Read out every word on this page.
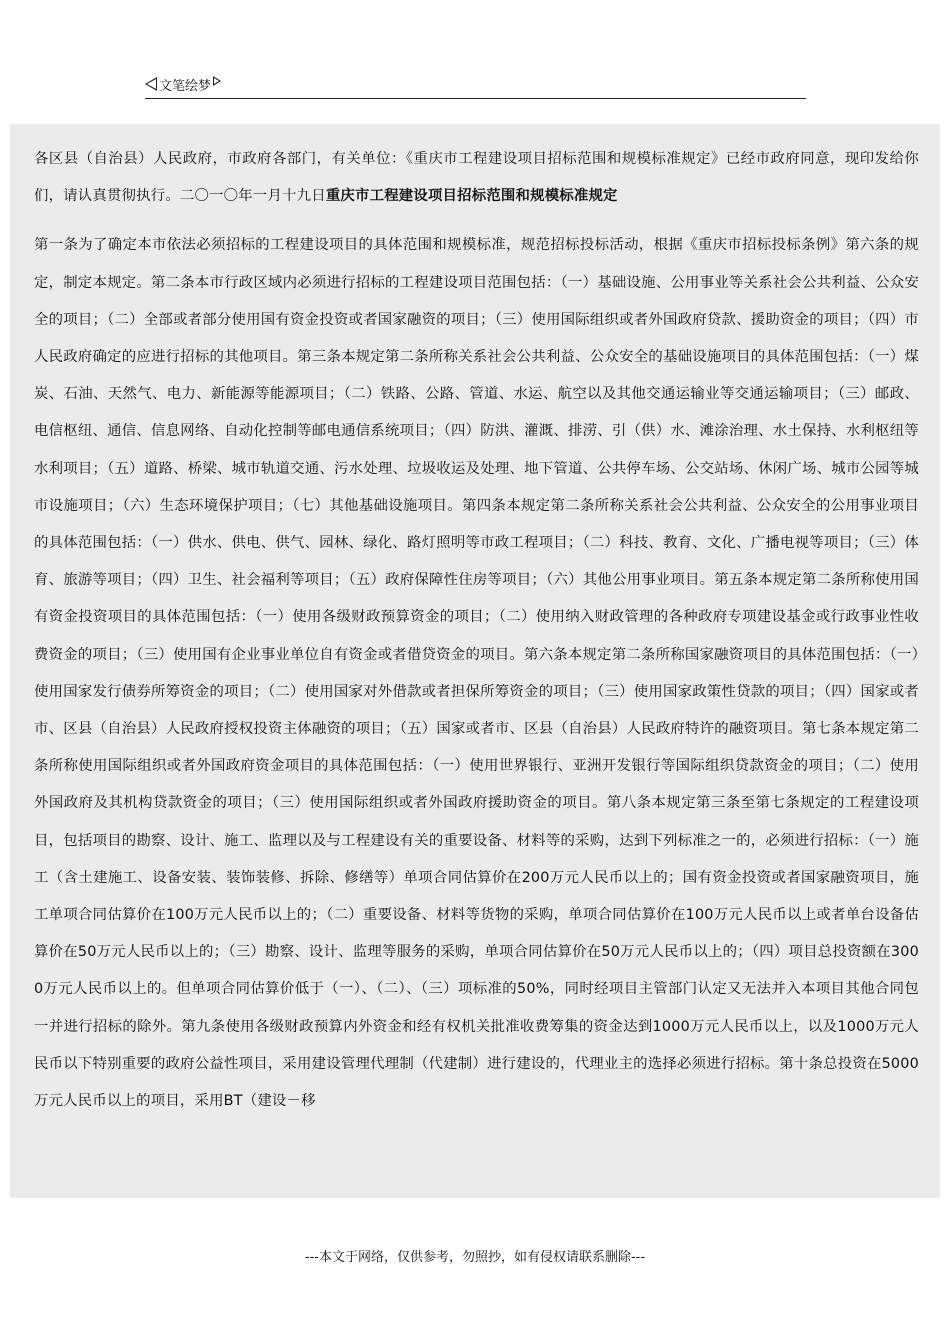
文笔绘梦

各区县（自治县）人民政府，市政府各部门，有关单位：《重庆市工程建设项目招标范围和规模标准规定》已经市政府同意，现印发给你们，请认真贯彻执行。二〇一〇年一月十九日重庆市工程建设项目招标范围和规模标准规定

第一条为了确定本市依法必须招标的工程建设项目的具体范围和规模标准，规范招标投标活动，根据《重庆市招标投标条例》第六条的规定，制定本规定。第二条本市行政区域内必须进行招标的工程建设项目范围包括：（一）基础设施、公用事业等关系社会公共利益、公众安全的项目；（二）全部或者部分使用国有资金投资或者国家融资的项目；（三）使用国际组织或者外国政府贷款、援助资金的项目；（四）市人民政府确定的应进行招标的其他项目。第三条本规定第二条所称关系社会公共利益、公众安全的基础设施项目的具体范围包括：（一）煤炭、石油、天然气、电力、新能源等能源项目；（二）铁路、公路、管道、水运、航空以及其他交通运输业等交通运输项目；（三）邮政、电信枢纽、通信、信息网络、自动化控制等邮电通信系统项目；（四）防洪、灌溉、排涝、引（供）水、滩涂治理、水土保持、水利枢纽等水利项目；（五）道路、桥梁、城市轨道交通、污水处理、垃圾收运及处理、地下管道、公共停车场、公交站场、休闲广场、城市公园等城市设施项目；（六）生态环境保护项目；（七）其他基础设施项目。第四条本规定第二条所称关系社会公共利益、公众安全的公用事业项目的具体范围包括：（一）供水、供电、供气、园林、绿化、路灯照明等市政工程项目；（二）科技、教育、文化、广播电视等项目；（三）体育、旅游等项目；（四）卫生、社会福利等项目；（五）政府保障性住房等项目；（六）其他公用事业项目。第五条本规定第二条所称使用国有资金投资项目的具体范围包括：（一）使用各级财政预算资金的项目；（二）使用纳入财政管理的各种政府专项建设基金或行政事业性收费资金的项目；（三）使用国有企业事业单位自有资金或者借贷资金的项目。第六条本规定第二条所称国家融资项目的具体范围包括：（一）使用国家发行债券所筹资金的项目；（二）使用国家对外借款或者担保所筹资金的项目；（三）使用国家政策性贷款的项目；（四）国家或者市、区县（自治县）人民政府授权投资主体融资的项目；（五）国家或者市、区县（自治县）人民政府特许的融资项目。第七条本规定第二条所称使用国际组织或者外国政府资金项目的具体范围包括：（一）使用世界银行、亚洲开发银行等国际组织贷款资金的项目；（二）使用外国政府及其机构贷款资金的项目；（三）使用国际组织或者外国政府援助资金的项目。第八条本规定第三条至第七条规定的工程建设项目，包括项目的勘察、设计、施工、监理以及与工程建设有关的重要设备、材料等的采购，达到下列标准之一的，必须进行招标：（一）施工（含土建施工、设备安装、装饰装修、拆除、修缮等）单项合同估算价在200万元人民币以上的；国有资金投资或者国家融资项目，施工单项合同估算价在100万元人民币以上的；（二）重要设备、材料等货物的采购，单项合同估算价在100万元人民币以上或者单台设备估算价在50万元人民币以上的；（三）勘察、设计、监理等服务的采购，单项合同估算价在50万元人民币以上的；（四）项目总投资额在3000万元人民币以上的。但单项合同估算价低于（一）、（二）、（三）项标准的50%，同时经项目主管部门认定又无法并入本项目其他合同包一并进行招标的除外。第九条使用各级财政预算内外资金和经有权机关批准收费筹集的资金达到1000万元人民币以上，以及1000万元人民币以下特别重要的政府公益性项目，采用建设管理代理制（代建制）进行建设的，代理业主的选择必须进行招标。第十条总投资在5000万元人民币以上的项目，采用BT（建设－移

---本文于网络，仅供参考，勿照抄，如有侵权请联系删除---
